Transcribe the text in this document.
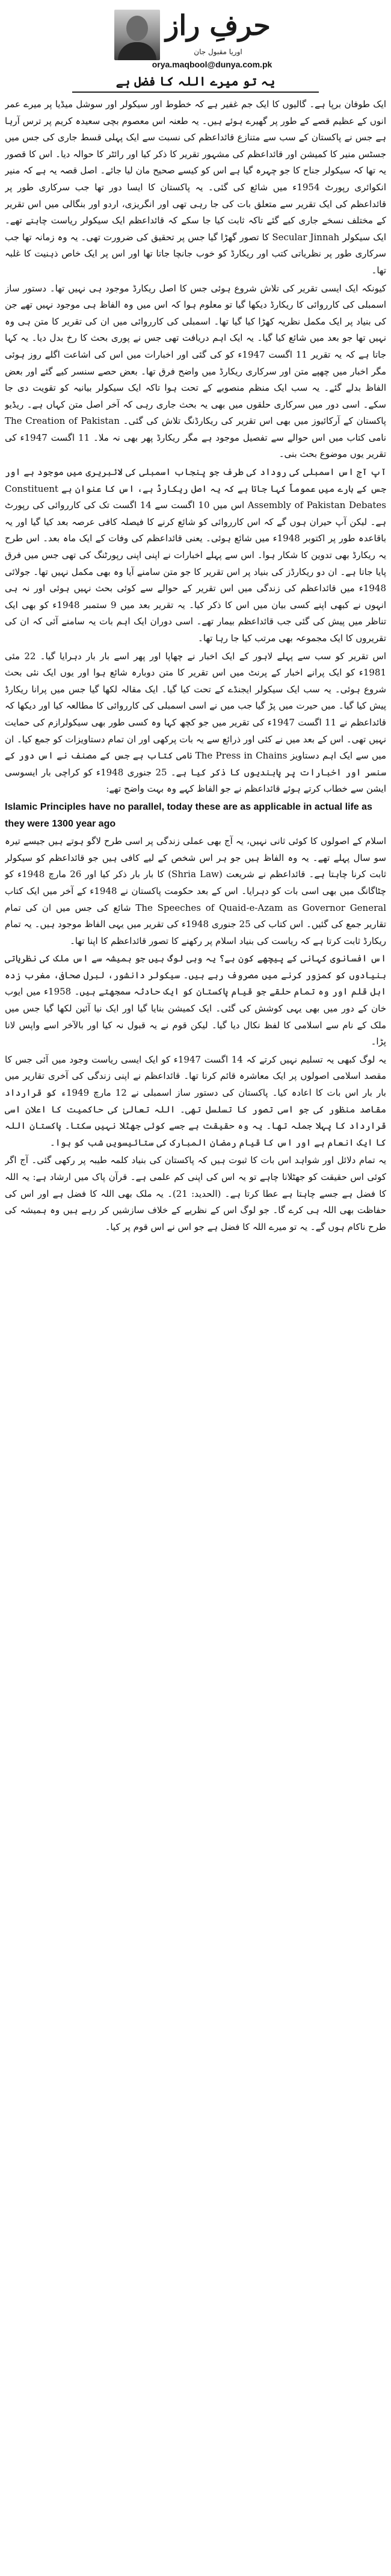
حرفِ راز
اوریا مقبول جان
orya.maqbool@dunya.com.pk
یہ تو میرے اللہ کا فضل ہے

ایک طوفان برپا ہے۔ گالیوں کا ایک جم غفیر ہے کہ خطوط اور سیکولر اور سوشل میڈیا پر میرے عمر انوں کے عظیم قصے کے طور پر گھیرے ہوئے ہیں۔ یہ طعنہ اس معصوم بچی سعیدہ کریم پر ترس آرہا ہے جس نے پاکستان کے سب سے متنازع قائداعظم کی نسبت سے ایک پہلی قسط جاری کی جس میں جسٹس منیر کا کمیشن اور قائداعظم کی مشہور تقریر کا ذکر کیا اور رائٹر کا حوالہ دیا۔ اس کا قصور یہ تھا کہ سیکولر جناح کا جو چہرہ گیا ہے اس کو کیسے صحیح مان لیا جائے۔ اصل قصہ یہ ہے کہ منیر انکوائری رپورٹ 1954ء میں شائع کی گئی۔ یہ پاکستان کا ایسا دور تھا جب سرکاری طور پر قائداعظم کی ایک تقریر سے متعلق بات کی جا رہی تھی اور انگریزی، اردو اور بنگالی میں اس تقریر کے مختلف نسخے جاری کیے گئے تاکہ ثابت کیا جا سکے کہ قائداعظم ایک سیکولر ریاست چاہتے تھے۔ ایک سیکولر Secular Jinnah کا تصور گھڑا گیا جس پر تحقیق کی ضرورت تھی۔ یہ وہ زمانہ تھا جب سرکاری طور پر نظریاتی کتب اور ریکارڈ کو خوب جانچا جاتا تھا اور اس پر ایک خاص ذہنیت کا غلبہ تھا۔

کیونکہ ایک ایسی تقریر کی تلاش شروع ہوئی جس کا اصل ریکارڈ موجود ہی نہیں تھا۔ دستور ساز اسمبلی کی کارروائی کا ریکارڈ دیکھا گیا تو معلوم ہوا کہ اس میں وہ الفاظ ہی موجود نہیں تھے جن کی بنیاد پر ایک مکمل نظریہ کھڑا کیا گیا تھا۔ اسمبلی کی کارروائی میں ان کی تقریر کا متن ہی وہ نہیں تھا جو بعد میں شائع کیا گیا۔ یہ ایک اہم دریافت تھی جس نے پوری بحث کا رخ بدل دیا۔ یہ کہا جاتا ہے کہ یہ تقریر 11 اگست 1947ء کو کی گئی اور اخبارات میں اس کی اشاعت اگلے روز ہوئی مگر اخبار میں چھپے متن اور سرکاری ریکارڈ میں واضح فرق تھا۔ بعض حصے سنسر کیے گئے اور بعض الفاظ بدلے گئے۔ یہ سب ایک منظم منصوبے کے تحت ہوا تاکہ ایک سیکولر بیانیہ کو تقویت دی جا سکے۔ اسی دور میں سرکاری حلقوں میں بھی یہ بحث جاری رہی کہ آخر اصل متن کہاں ہے۔ ریڈیو پاکستان کے آرکائیوز میں بھی اس تقریر کی ریکارڈنگ تلاش کی گئی۔ The Creation of Pakistan نامی کتاب میں اس حوالے سے تفصیل موجود ہے مگر ریکارڈ پھر بھی نہ ملا۔ 11 اگست 1947ء کی تقریر یوں موضوع بحث بنی۔

آپ آج اس اسمبلی کی روداد کی طرف جو پنجاب اسمبلی کی لائبریری میں موجود ہے اور جس کے بارے میں عموماً کہا جاتا ہے کہ یہ اصل ریکارڈ ہے، اس کا عنوان ہے Constituent Assembly of Pakistan Debates اس میں 10 اگست سے 14 اگست تک کی کارروائی کی رپورٹ ہے۔ لیکن آپ حیران ہوں گے کہ اس کارروائی کو شائع کرنے کا فیصلہ کافی عرصہ بعد کیا گیا اور یہ باقاعدہ طور پر اکتوبر 1948ء میں شائع ہوئی۔ یعنی قائداعظم کی وفات کے ایک ماہ بعد۔ اس طرح یہ ریکارڈ بھی تدوین کا شکار ہوا۔ اس سے پہلے اخبارات نے اپنی اپنی رپورٹنگ کی تھی جس میں فرق پایا جاتا ہے۔ ان دو ریکارڈز کی بنیاد پر اس تقریر کا جو متن سامنے آیا وہ بھی مکمل نہیں تھا۔ جولائی 1948ء میں قائداعظم کی زندگی میں اس تقریر کے حوالے سے کوئی بحث نہیں ہوئی اور نہ ہی انہوں نے کبھی اپنے کسی بیان میں اس کا ذکر کیا۔ یہ تقریر بعد میں 9 ستمبر 1948ء کو بھی ایک تناظر میں پیش کی گئی جب قائداعظم بیمار تھے۔ اسی دوران ایک اہم بات یہ سامنے آئی کہ ان کی تقریروں کا ایک مجموعہ بھی مرتب کیا جا رہا تھا۔

اس تقریر کو سب سے پہلے لاہور کے ایک اخبار نے چھاپا اور پھر اسے بار بار دہرایا گیا۔ 22 مئی 1981ء کو ایک پرانے اخبار کے پرنٹ میں اس تقریر کا متن دوبارہ شائع ہوا اور یوں ایک نئی بحث شروع ہوئی۔ یہ سب ایک سیکولر ایجنڈے کے تحت کیا گیا۔ ایک مقالہ لکھا گیا جس میں پرانا ریکارڈ پیش کیا گیا۔ میں حیرت میں پڑ گیا جب میں نے اسی اسمبلی کی کارروائی کا مطالعہ کیا اور دیکھا کہ قائداعظم نے 11 اگست 1947ء کی تقریر میں جو کچھ کہا وہ کسی طور بھی سیکولرازم کی حمایت نہیں تھی۔ اس کے بعد میں نے کئی اور ذرائع سے یہ بات پرکھی اور ان تمام دستاویزات کو جمع کیا۔ ان میں سے ایک اہم دستاویز The Press in Chains نامی کتاب ہے جس کے مصنف نے اس دور کے سنسر اور اخبارات پر پابندیوں کا ذکر کیا ہے۔ 25 جنوری 1948ء کو کراچی بار ایسوسی ایشن سے خطاب کرتے ہوئے قائداعظم نے جو الفاظ کہے وہ بہت واضح تھے:

Islamic Principles have no parallel, today these are as applicable in actual life as they were 1300 year ago

اسلام کے اصولوں کا کوئی ثانی نہیں، یہ آج بھی عملی زندگی پر اسی طرح لاگو ہوتے ہیں جیسے تیرہ سو سال پہلے تھے۔ یہ وہ الفاظ ہیں جو ہر اس شخص کے لیے کافی ہیں جو قائداعظم کو سیکولر ثابت کرنا چاہتا ہے۔ قائداعظم نے شریعت (Shria Law) کا بار بار ذکر کیا اور 26 مارچ 1948ء کو چٹاگانگ میں بھی اسی بات کو دہرایا۔ اس کے بعد حکومت پاکستان نے 1948ء کے آخر میں ایک کتاب The Speeches of Quaid-e-Azam as Governor General شائع کی جس میں ان کی تمام تقاریر جمع کی گئیں۔ اس کتاب کی 25 جنوری 1948ء کی تقریر میں یہی الفاظ موجود ہیں۔ یہ تمام ریکارڈ ثابت کرتا ہے کہ ریاست کی بنیاد اسلام پر رکھنے کا تصور قائداعظم کا اپنا تھا۔

اس افسانوی کہانی کے پیچھے کون ہے؟ یہ وہی لوگ ہیں جو ہمیشہ سے اس ملک کی نظریاتی بنیادوں کو کمزور کرنے میں مصروف رہے ہیں۔ سیکولر دانشور، لبرل صحافی، مغرب زدہ اہل قلم اور وہ تمام حلقے جو قیام پاکستان کو ایک حادثہ سمجھتے ہیں۔ 1958ء میں ایوب خان کے دور میں بھی یہی کوشش کی گئی۔ ایک کمیشن بنایا گیا اور ایک نیا آئین لکھا گیا جس میں ملک کے نام سے اسلامی کا لفظ نکال دیا گیا۔ لیکن قوم نے یہ قبول نہ کیا اور بالآخر اسے واپس لانا پڑا۔

یہ لوگ کبھی یہ تسلیم نہیں کرتے کہ 14 اگست 1947ء کو ایک ایسی ریاست وجود میں آئی جس کا مقصد اسلامی اصولوں پر ایک معاشرہ قائم کرنا تھا۔ قائداعظم نے اپنی زندگی کی آخری تقاریر میں بار بار اس بات کا اعادہ کیا۔ پاکستان کی دستور ساز اسمبلی نے 12 مارچ 1949ء کو قرارداد مقاصد منظور کی جو اسی تصور کا تسلسل تھی۔ اللہ تعالیٰ کی حاکمیت کا اعلان اسی قرارداد کا پہلا جملہ تھا۔ یہ وہ حقیقت ہے جسے کوئی جھٹلا نہیں سکتا۔ پاکستان اللہ کا ایک انعام ہے اور اس کا قیام رمضان المبارک کی ستائیسویں شب کو ہوا۔

یہ تمام دلائل اور شواہد اس بات کا ثبوت ہیں کہ پاکستان کی بنیاد کلمہ طیبہ پر رکھی گئی۔ آج اگر کوئی اس حقیقت کو جھٹلانا چاہے تو یہ اس کی اپنی کم علمی ہے۔ قرآن پاک میں ارشاد ہے: یہ اللہ کا فضل ہے جسے چاہتا ہے عطا کرتا ہے۔ (الحدید: 21)۔ یہ ملک بھی اللہ کا فضل ہے اور اس کی حفاظت بھی اللہ ہی کرے گا۔ جو لوگ اس کے نظریے کے خلاف سازشیں کر رہے ہیں وہ ہمیشہ کی طرح ناکام ہوں گے۔ یہ تو میرے اللہ کا فضل ہے جو اس نے اس قوم پر کیا۔
